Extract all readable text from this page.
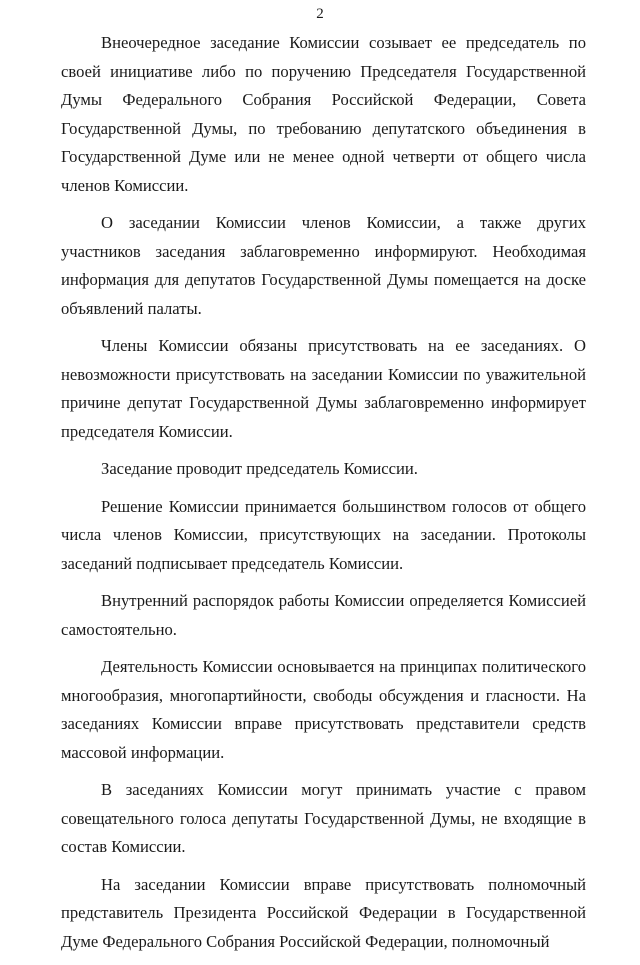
2

Внеочередное заседание Комиссии созывает ее председатель по своей инициативе либо по поручению Председателя Государственной Думы Федерального Собрания Российской Федерации, Совета Государственной Думы, по требованию депутатского объединения в Государственной Думе или не менее одной четверти от общего числа членов Комиссии.

О заседании Комиссии членов Комиссии, а также других участников заседания заблаговременно информируют. Необходимая информация для депутатов Государственной Думы помещается на доске объявлений палаты.

Члены Комиссии обязаны присутствовать на ее заседаниях. О невозможности присутствовать на заседании Комиссии по уважительной причине депутат Государственной Думы заблаговременно информирует председателя Комиссии.

Заседание проводит председатель Комиссии.

Решение Комиссии принимается большинством голосов от общего числа членов Комиссии, присутствующих на заседании. Протоколы заседаний подписывает председатель Комиссии.

Внутренний распорядок работы Комиссии определяется Комиссией самостоятельно.

Деятельность Комиссии основывается на принципах политического многообразия, многопартийности, свободы обсуждения и гласности. На заседаниях Комиссии вправе присутствовать представители средств массовой информации.

В заседаниях Комиссии могут принимать участие с правом совещательного голоса депутаты Государственной Думы, не входящие в состав Комиссии.

На заседании Комиссии вправе присутствовать полномочный представитель Президента Российской Федерации в Государственной Думе Федерального Собрания Российской Федерации, полномочный
